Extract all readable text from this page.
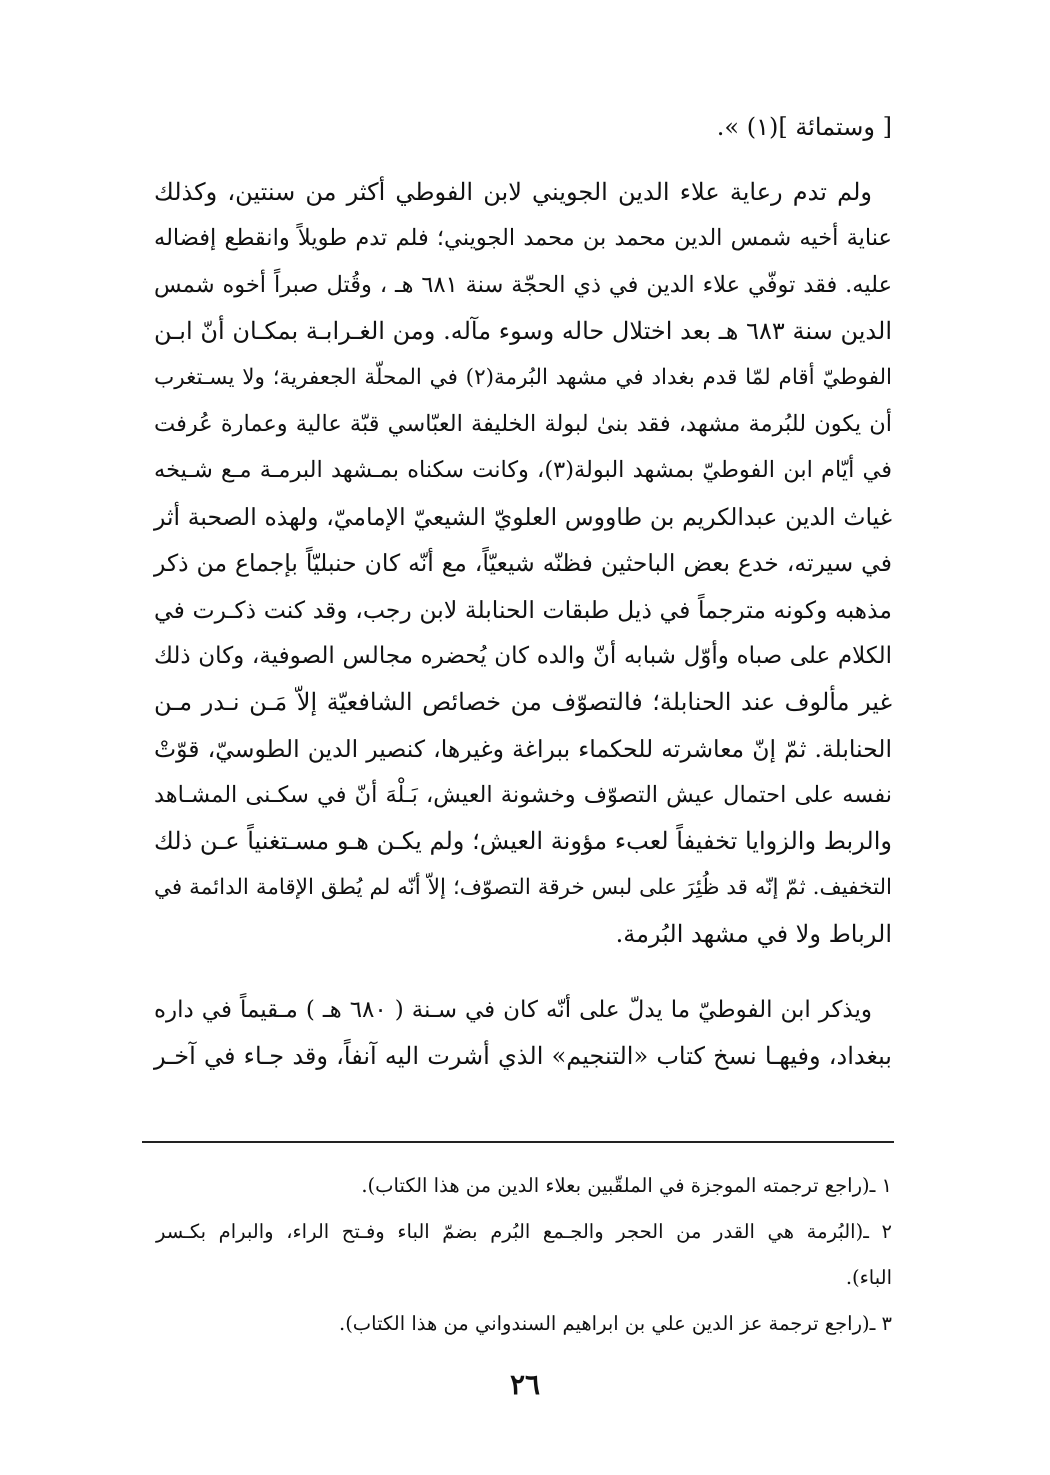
[ وستمائة ](١) ».
ولم تدم رعاية علاء الدين الجويني لابن الفوطي أكثر من سنتين، وكذلك
عناية أخيه شمس الدين محمد بن محمد الجويني؛ فلم تدم طويلاً وانقطع إفضاله
عليه. فقد توفّي علاء الدين في ذي الحجّة سنة ٦٨١ هـ ، وقُتل صبراً أخوه شمس
الدين سنة ٦٨٣ هـ بعد اختلال حاله وسوء مآله. ومن الغـرابـة بمكـان أنّ ابـن
الفوطيّ أقام لمّا قدم بغداد في مشهد البُرمة(٢) في المحلّة الجعفرية؛ ولا يسـتغرب
أن يكون للبُرمة مشهد، فقد بنىٰ لبولة الخليفة العبّاسي قبّة عالية وعمارة عُرفت
في أيّام ابن الفوطيّ بمشهد البولة(٣)، وكانت سكناه بمـشهد البرمـة مـع شـيخه
غياث الدين عبدالكريم بن طاووس العلويّ الشيعيّ الإماميّ، ولهذه الصحبة أثر
في سيرته، خدع بعض الباحثين فظنّه شيعيّاً، مع أنّه كان حنبليّاً بإجماع من ذكر
مذهبه وكونه مترجماً في ذيل طبقات الحنابلة لابن رجب، وقد كنت ذكـرت في
الكلام على صباه وأوّل شبابه أنّ والده كان يُحضره مجالس الصوفية، وكان ذلك
غير مألوف عند الحنابلة؛ فالتصوّف من خصائص الشافعيّة إلاّ مَـن نـدر مـن
الحنابلة. ثمّ إنّ معاشرته للحكماء ببراغة وغيرها، كنصير الدين الطوسيّ، قوّتْ
نفسه على احتمال عيش التصوّف وخشونة العيش، بَـلْهَ أنّ في سكـنى المشـاهد
والربط والزوايا تخفيفاً لعبء مؤونة العيش؛ ولم يكـن هـو مسـتغنياً عـن ذلك
التخفيف. ثمّ إنّه قد ظُئِرَ على لبس خرقة التصوّف؛ إلاّ أنّه لم يُطق الإقامة الدائمة في
الرباط ولا في مشهد البُرمة.
ويذكر ابن الفوطيّ ما يدلّ على أنّه كان في سـنة ( ٦٨٠ هـ ) مـقيماً في داره
ببغداد، وفيهـا نسخ كتاب «التنجيم» الذي أشرت اليه آنفاً، وقد جـاء في آخـر
١ ـ(راجع ترجمته الموجزة في الملقّبين بعلاء الدين من هذا الكتاب).
٢ ـ(البُرمة هي القدر من الحجر والجـمع البُرم بضمّ الباء وفـتح الراء، والبرام بكـسر
الباء).
٣ ـ(راجع ترجمة عز الدين علي بن ابراهيم السندواني من هذا الكتاب).
٢٦
